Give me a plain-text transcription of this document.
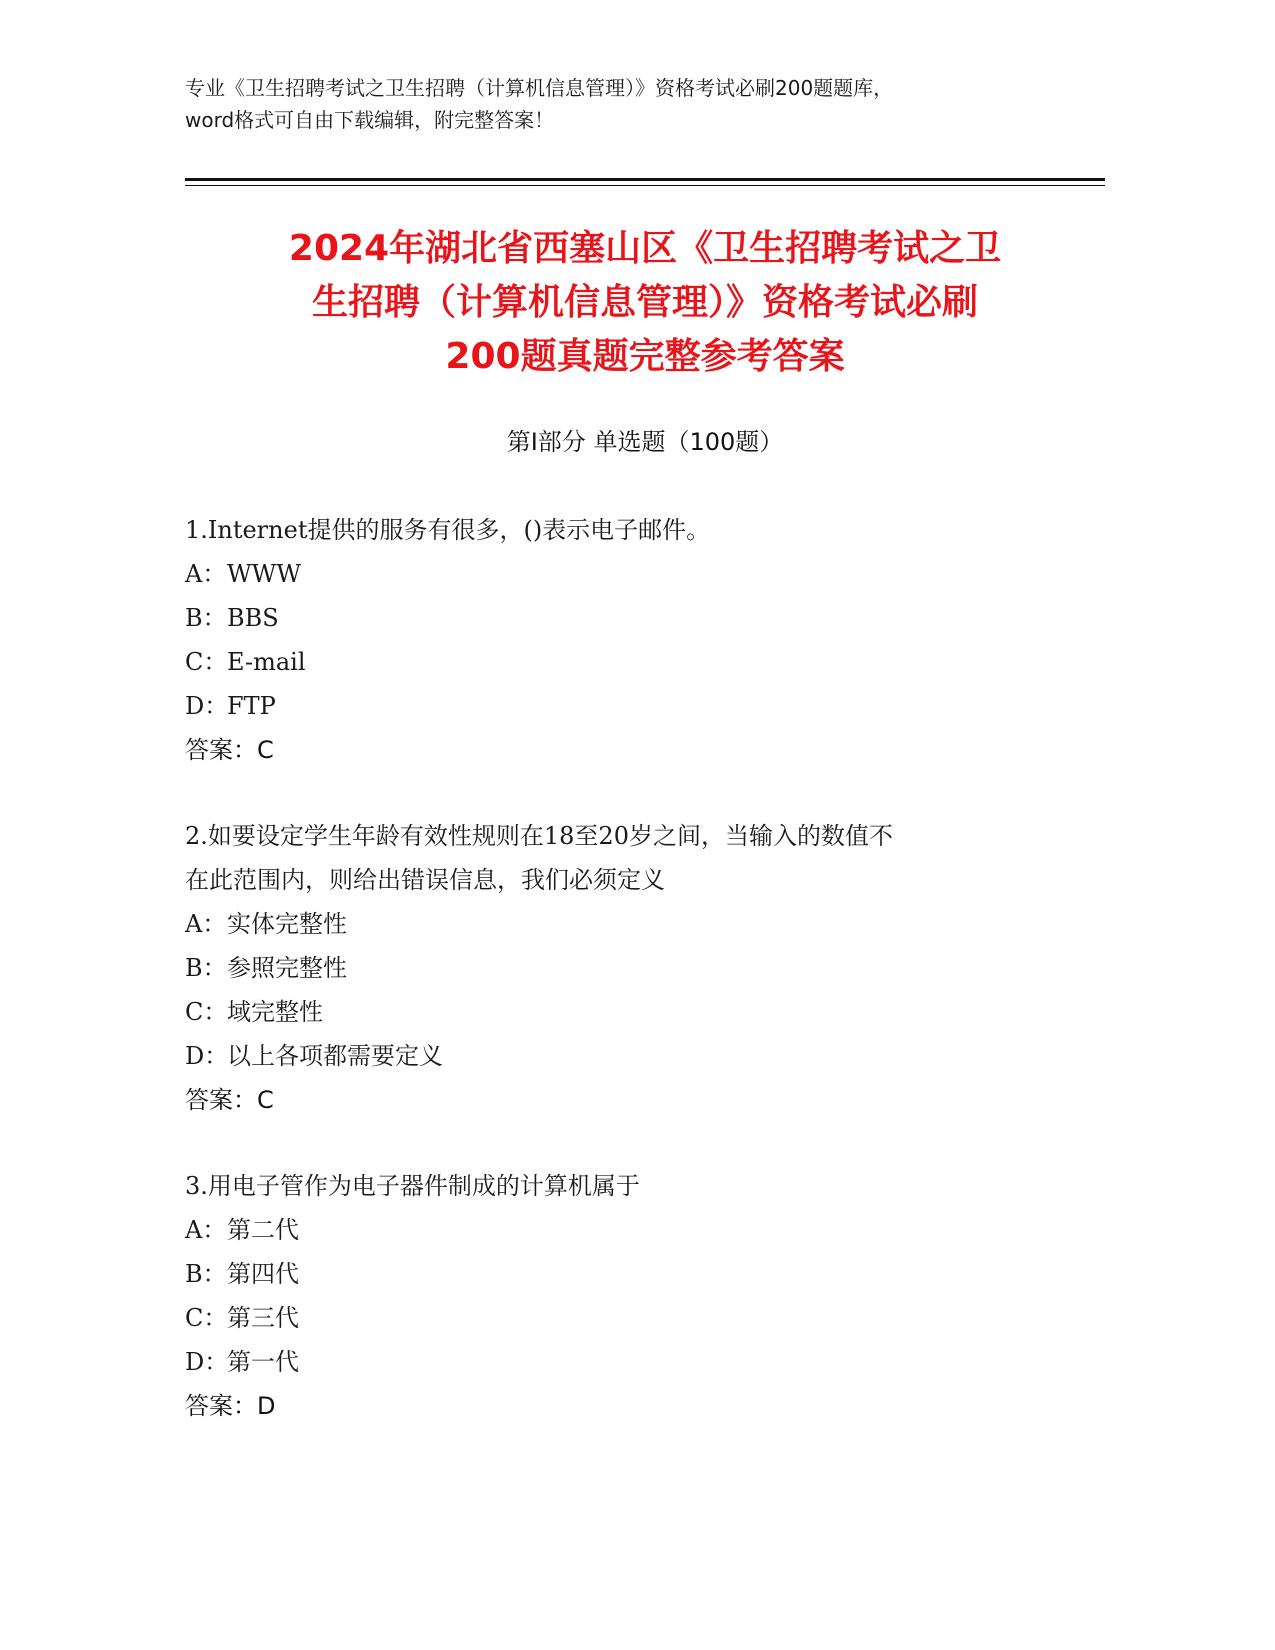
专业《卫生招聘考试之卫生招聘（计算机信息管理）》资格考试必刷200题题库，
word格式可自由下载编辑，附完整答案！
2024年湖北省西塞山区《卫生招聘考试之卫
生招聘（计算机信息管理）》资格考试必刷
200题真题完整参考答案
第Ⅰ部分 单选题（100题）
1.Internet提供的服务有很多，()表示电子邮件。
A：WWW
B：BBS
C：E-mail
D：FTP
答案：C
2.如要设定学生年龄有效性规则在18至20岁之间，当输入的数值不
在此范围内，则给出错误信息，我们必须定义
A：实体完整性
B：参照完整性
C：域完整性
D：以上各项都需要定义
答案：C
3.用电子管作为电子器件制成的计算机属于
A：第二代
B：第四代
C：第三代
D：第一代
答案：D
